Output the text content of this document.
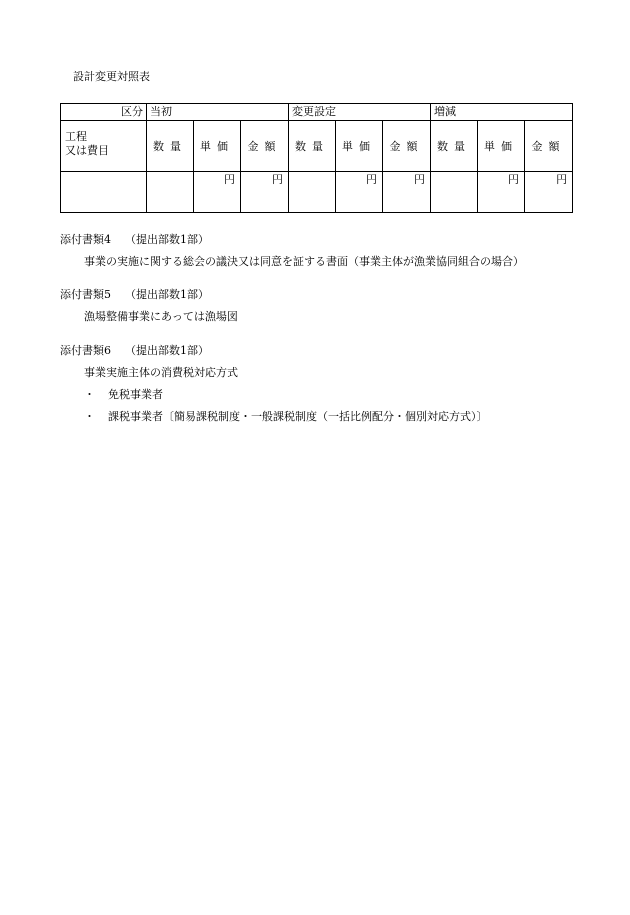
設計変更対照表
区分	当初			変更設定			増減		

工程
又は費目	数量	単価	金額	数量	単価	金額	数量	単価	金額
		円	円		円	円		円	円
添付書類4 （提出部数1部）
事業の実施に関する総会の議決又は同意を証する書面（事業主体が漁業協同組合の場合）
添付書類5 （提出部数1部）
漁場整備事業にあっては漁場図
添付書類6 （提出部数1部）
事業実施主体の消費税対応方式
・ 免税事業者
・ 課税事業者〔簡易課税制度・一般課税制度（一括比例配分・個別対応方式）〕
